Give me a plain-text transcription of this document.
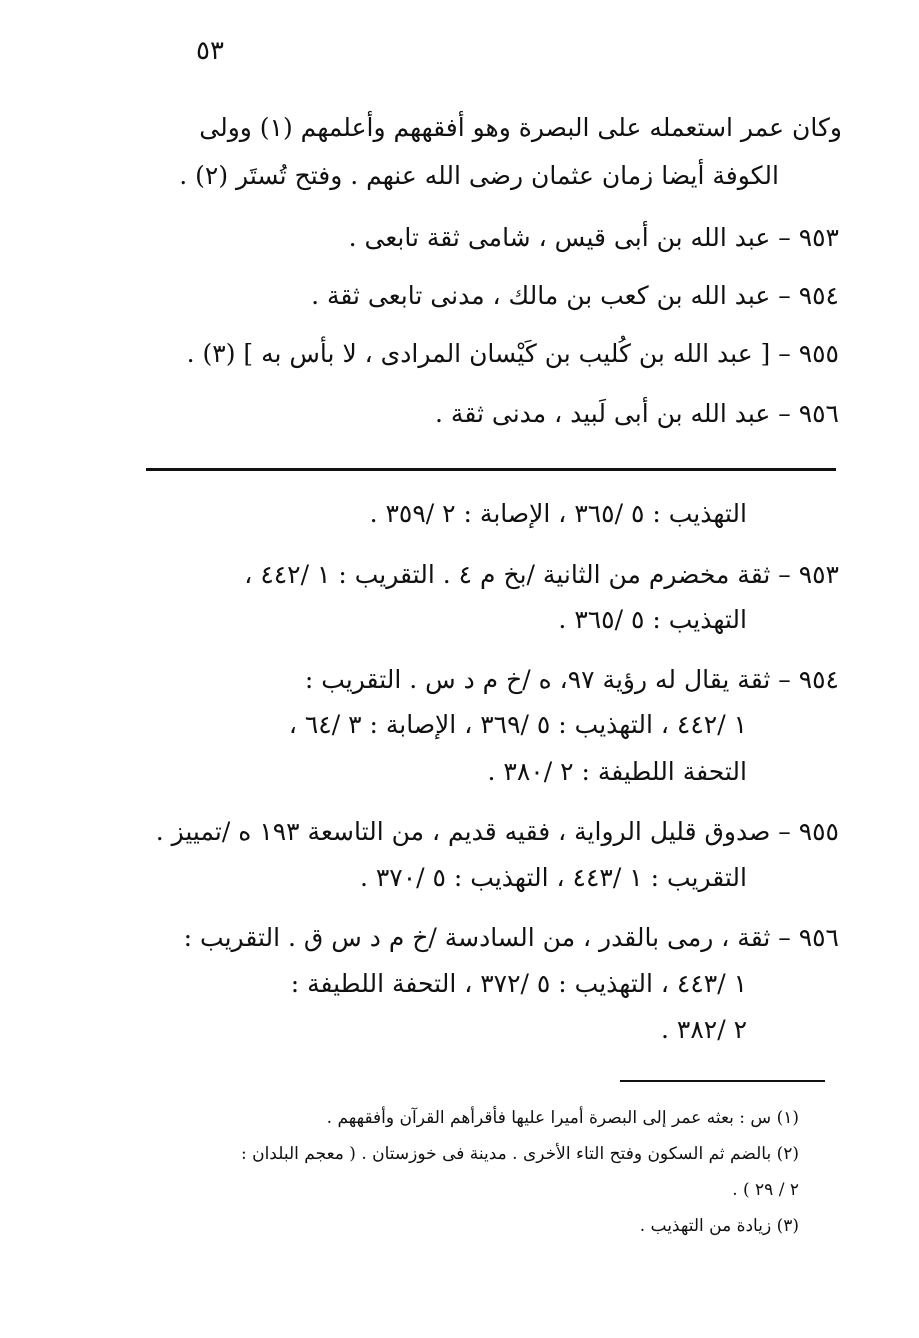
٥٣
وكان عمر استعمله على البصرة وهو أفقههم وأعلمهم (١) وولى
الكوفة أيضا زمان عثمان رضى الله عنهم . وفتح تُستَر (٢) .
٩٥٣ – عبد الله بن أبى قيس ، شامى ثقة تابعى .
٩٥٤ – عبد الله بن كعب بن مالك ، مدنى تابعى ثقة .
٩٥٥ – [ عبد الله بن كُليب بن كَيْسان المرادى ، لا بأس به ] (٣) .
٩٥٦ – عبد الله بن أبى لَبيد ، مدنى ثقة .
التهذيب : ٥ /٣٦٥ ، الإصابة : ٢ /٣٥٩ .
٩٥٣ – ثقة مخضرم من الثانية /بخ م ٤ . التقريب : ١ /٤٤٢ ،
التهذيب : ٥ /٣٦٥ .
٩٥٤ – ثقة يقال له رؤية ٩٧، ه /خ م د س . التقريب :
١ /٤٤٢ ، التهذيب : ٥ /٣٦٩ ، الإصابة : ٣ /٦٤ ،
التحفة اللطيفة : ٢ /٣٨٠ .
٩٥٥ – صدوق قليل الرواية ، فقيه قديم ، من التاسعة ١٩٣ ه /تمييز .
التقريب : ١ /٤٤٣ ، التهذيب : ٥ /٣٧٠ .
٩٥٦ – ثقة ، رمى بالقدر ، من السادسة /خ م د س ق . التقريب :
١ /٤٤٣ ، التهذيب : ٥ /٣٧٢ ، التحفة اللطيفة :
٢ /٣٨٢ .
(١) س : بعثه عمر إلى البصرة أميرا عليها فأقرأهم القرآن وأفقههم .
(٢) بالضم ثم السكون وفتح التاء الأخرى . مدينة فى خوزستان . ( معجم البلدان :
٢ / ٢٩ ) .
(٣) زيادة من التهذيب .
